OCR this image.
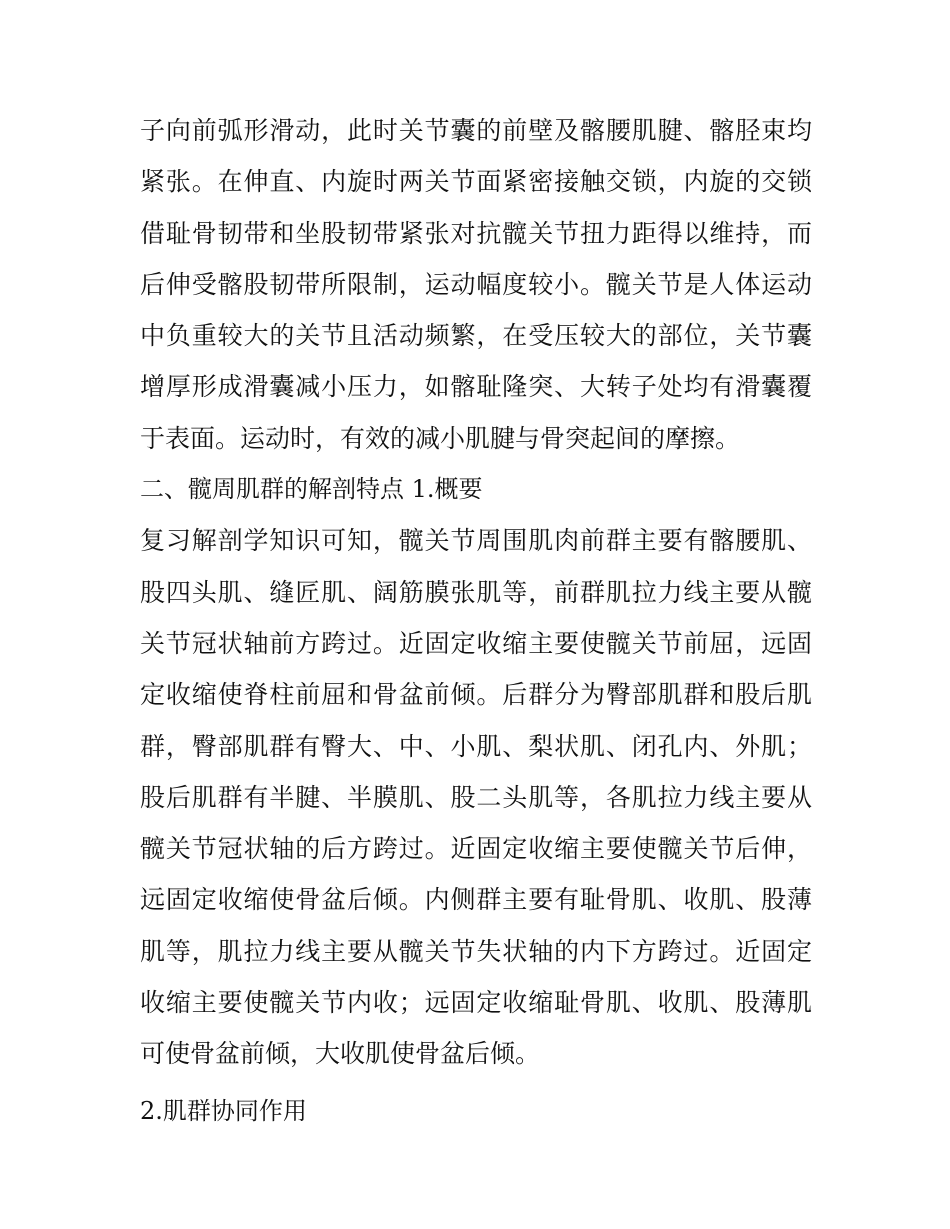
子向前弧形滑动，此时关节囊的前壁及髂腰肌腱、髂胫束均紧张。在伸直、内旋时两关节面紧密接触交锁，内旋的交锁借耻骨韧带和坐股韧带紧张对抗髋关节扭力距得以维持，而后伸受髂股韧带所限制，运动幅度较小。髋关节是人体运动中负重较大的关节且活动频繁，在受压较大的部位，关节囊增厚形成滑囊减小压力，如髂耻隆突、大转子处均有滑囊覆于表面。运动时，有效的减小肌腱与骨突起间的摩擦。

二、髋周肌群的解剖特点 1.概要

复习解剖学知识可知，髋关节周围肌肉前群主要有髂腰肌、股四头肌、缝匠肌、阔筋膜张肌等，前群肌拉力线主要从髋关节冠状轴前方跨过。近固定收缩主要使髋关节前屈，远固定收缩使脊柱前屈和骨盆前倾。后群分为臀部肌群和股后肌群，臀部肌群有臀大、中、小肌、梨状肌、闭孔内、外肌；股后肌群有半腱、半膜肌、股二头肌等，各肌拉力线主要从髋关节冠状轴的后方跨过。近固定收缩主要使髋关节后伸，远固定收缩使骨盆后倾。内侧群主要有耻骨肌、收肌、股薄肌等，肌拉力线主要从髋关节失状轴的内下方跨过。近固定收缩主要使髋关节内收；远固定收缩耻骨肌、收肌、股薄肌可使骨盆前倾，大收肌使骨盆后倾。

2.肌群协同作用
